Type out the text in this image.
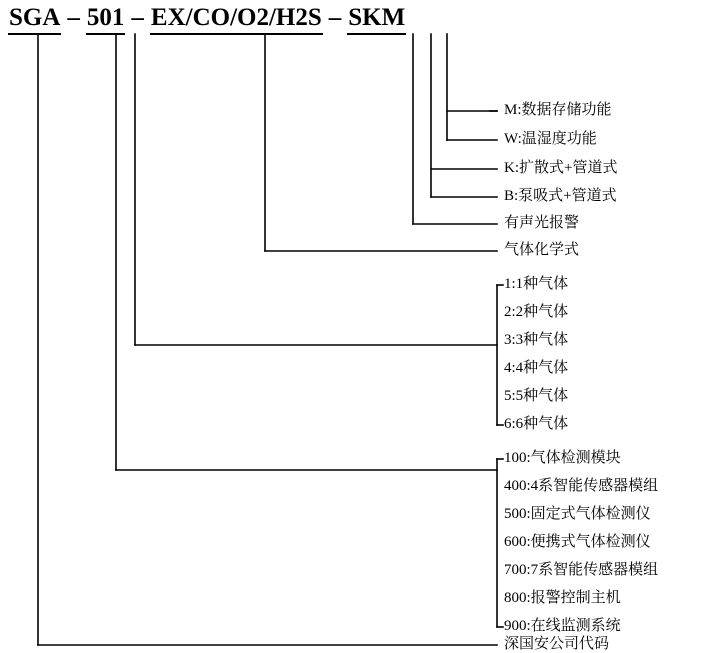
SGA – 501 – EX/CO/O2/H2S – SKM
M:数据存储功能
W:温湿度功能
K:扩散式+管道式
B:泵吸式+管道式
有声光报警
气体化学式
1:1种气体
2:2种气体
3:3种气体
4:4种气体
5:5种气体
6:6种气体
100:气体检测模块
400:4系智能传感器模组
500:固定式气体检测仪
600:便携式气体检测仪
700:7系智能传感器模组
800:报警控制主机
900:在线监测系统
深国安公司代码
